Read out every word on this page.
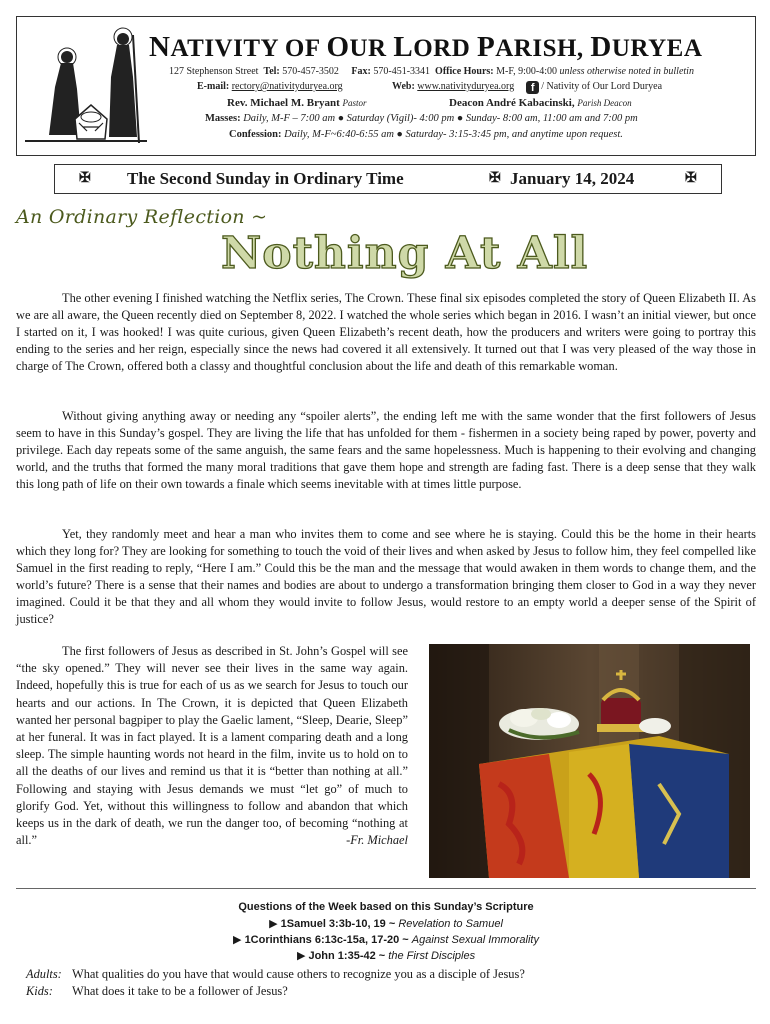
NATIVITY OF OUR LORD PARISH, DURYEA
127 Stephenson Street Tel: 570-457-3502 Fax: 570-451-3341 Office Hours: M-F, 9:00-4:00 unless otherwise noted in bulletin
E-mail: rectory@nativityduryea.org	Web: www.nativityduryea.org f / Nativity of Our Lord Duryea
Rev. Michael M. Bryant Pastor	Deacon André Kabacinski, Parish Deacon
Masses: Daily, M-F – 7:00 am ● Saturday (Vigil)- 4:00 pm ● Sunday- 8:00 am, 11:00 am and 7:00 pm
Confession: Daily, M-F~6:40-6:55 am ● Saturday- 3:15-3:45 pm, and anytime upon request.
✠ The Second Sunday in Ordinary Time	✠ January 14, 2024	✠
An Ordinary Reflection ~
Nothing At All

The other evening I finished watching the Netflix series, The Crown. These final six episodes completed the story of Queen Elizabeth II. As we are all aware, the Queen recently died on September 8, 2022. I watched the whole series which began in 2016. I wasn’t an initial viewer, but once I started on it, I was hooked! I was quite curious, given Queen Elizabeth’s recent death, how the producers and writers were going to portray this ending to the series and her reign, especially since the news had covered it all extensively. It turned out that I was very pleased of the way those in charge of The Crown, offered both a classy and thoughtful conclusion about the life and death of this remarkable woman.

Without giving anything away or needing any “spoiler alerts”, the ending left me with the same wonder that the first followers of Jesus seem to have in this Sunday’s gospel. They are living the life that has unfolded for them - fishermen in a society being raped by power, poverty and privilege. Each day repeats some of the same anguish, the same fears and the same hopelessness. Much is happening to their evolving and changing world, and the truths that formed the many moral traditions that gave them hope and strength are fading fast. There is a deep sense that they walk this long path of life on their own towards a finale which seems inevitable with at times little purpose.

Yet, they randomly meet and hear a man who invites them to come and see where he is staying. Could this be the home in their hearts which they long for? They are looking for something to touch the void of their lives and when asked by Jesus to follow him, they feel compelled like Samuel in the first reading to reply, “Here I am.” Could this be the man and the message that would awaken in them words to change them, and the world’s future? There is a sense that their names and bodies are about to undergo a transformation bringing them closer to God in a way they never imagined. Could it be that they and all whom they would invite to follow Jesus, would restore to an empty world a deeper sense of the Spirit of justice?

The first followers of Jesus as described in St. John’s Gospel will see “the sky opened.” They will never see their lives in the same way again. Indeed, hopefully this is true for each of us as we search for Jesus to touch our hearts and our actions. In The Crown, it is depicted that Queen Elizabeth wanted her personal bagpiper to play the Gaelic lament, “Sleep, Dearie, Sleep” at her funeral. It was in fact played. It is a lament comparing death and a long sleep. The simple haunting words not heard in the film, invite us to hold on to all the deaths of our lives and remind us that it is “better than nothing at all.” Following and staying with Jesus demands we must “let go” of much to glorify God. Yet, without this willingness to follow and abandon that which keeps us in the dark of death, we run the danger too, of becoming “nothing at all.”	-Fr. Michael

Questions of the Week based on this Sunday’s Scripture
▶ 1Samuel 3:3b-10, 19 ~ Revelation to Samuel
▶ 1Corinthians 6:13c-15a, 17-20 ~ Against Sexual Immorality
▶ John 1:35-42 ~ the First Disciples
Adults: What qualities do you have that would cause others to recognize you as a disciple of Jesus?
Kids: What does it take to be a follower of Jesus?
